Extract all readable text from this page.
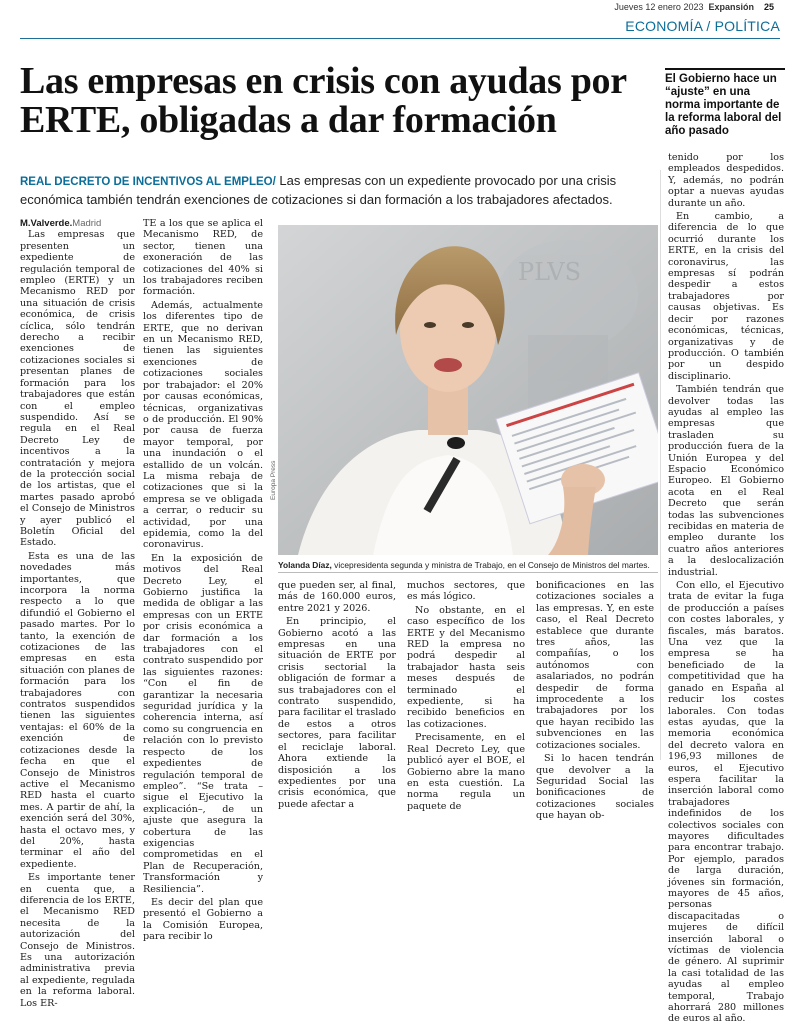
Jueves 12 enero 2023 Expansión 25
ECONOMÍA / POLÍTICA
Las empresas en crisis con ayudas por ERTE, obligadas a dar formación
El Gobierno hace un “ajuste” en una norma importante de la reforma laboral del año pasado
REAL DECRETO DE INCENTIVOS AL EMPLEO/ Las empresas con un expediente provocado por una crisis económica también tendrán exenciones de cotizaciones si dan formación a los trabajadores afectados.
M.Valverde.Madrid

Las empresas que presenten un expediente de regulación temporal de empleo (ERTE) y un Mecanismo RED por una situación de crisis económica, de crisis cíclica, sólo tendrán derecho a recibir exenciones de cotizaciones sociales si presentan planes de formación para los trabajadores que están con el empleo suspendido. Así se regula en el Real Decreto Ley de incentivos a la contratación y mejora de la protección social de los artistas, que el martes pasado aprobó el Consejo de Ministros y ayer publicó el Boletín Oficial del Estado.

Esta es una de las novedades más importantes, que incorpora la norma respecto a lo que difundió el Gobierno el pasado martes. Por lo tanto, la exención de cotizaciones de las empresas en esta situación con planes de formación para los trabajadores con contratos suspendidos tienen las siguientes ventajas: el 60% de la exención de cotizaciones desde la fecha en que el Consejo de Ministros active el Mecanismo RED hasta el cuarto mes. A partir de ahí, la exención será del 30%, hasta el octavo mes, y del 20%, hasta terminar el año del expediente.

Es importante tener en cuenta que, a diferencia de los ERTE, el Mecanismo RED necesita de la autorización del Consejo de Ministros. Es una autorización administrativa previa al expediente, regulada en la reforma laboral. Los ER-

TE a los que se aplica el Mecanismo RED, de sector, tienen una exoneración de las cotizaciones del 40% si los trabajadores reciben formación.

Además, actualmente los diferentes tipo de ERTE, que no derivan en un Mecanismo RED, tienen las siguientes exenciones de cotizaciones sociales por trabajador: el 20% por causas económicas, técnicas, organizativas o de producción. El 90% por causa de fuerza mayor temporal, por una inundación o el estallido de un volcán. La misma rebaja de cotizaciones que si la empresa se ve obligada a cerrar, o reducir su actividad, por una epidemia, como la del coronavirus.

En la exposición de motivos del Real Decreto Ley, el Gobierno justifica la medida de obligar a las empresas con un ERTE por crisis económica a dar formación a los trabajadores con el contrato suspendido por las siguientes razones: “Con el fin de garantizar la necesaria seguridad jurídica y la coherencia interna, así como su congruencia en relación con lo previsto respecto de los expedientes de regulación temporal de empleo”. “Se trata –sigue el Ejecutivo la explicación–, de un ajuste que asegura la cobertura de las exigencias comprometidas en el Plan de Recuperación, Transformación y Resiliencia”.

Es decir del plan que presentó el Gobierno a la Comisión Europea, para recibir lo

PLVS
Europa Press
Yolanda Díaz, vicepresidenta segunda y ministra de Trabajo, en el Consejo de Ministros del martes.

que pueden ser, al final, más de 160.000 euros, entre 2021 y 2026.

En principio, el Gobierno acotó a las empresas en una situación de ERTE por crisis sectorial la obligación de formar a sus trabajadores con el contrato suspendido, para facilitar el traslado de estos a otros sectores, para facilitar el reciclaje laboral. Ahora extiende la disposición a los expedientes por una crisis económica, que puede afectar a

muchos sectores, que es más lógico.

No obstante, en el caso específico de los ERTE y del Mecanismo RED la empresa no podrá despedir al trabajador hasta seis meses después de terminado el expediente, si ha recibido beneficios en las cotizaciones.

Precisamente, en el Real Decreto Ley, que publicó ayer el BOE, el Gobierno abre la mano en esta cuestión. La norma regula un paquete de

bonificaciones en las cotizaciones sociales a las empresas. Y, en este caso, el Real Decreto establece que durante tres años, las compañías, o los autónomos con asalariados, no podrán despedir de forma improcedente a los trabajadores por los que hayan recibido las subvenciones en las cotizaciones sociales.

Si lo hacen tendrán que devolver a la Seguridad Social las bonificaciones de cotizaciones sociales que hayan ob-

tenido por los empleados despedidos. Y, además, no podrán optar a nuevas ayudas durante un año.

En cambio, a diferencia de lo que ocurrió durante los ERTE, en la crisis del coronavirus, las empresas sí podrán despedir a estos trabajadores por causas objetivas. Es decir por razones económicas, técnicas, organizativas y de producción. O también por un despido disciplinario.

También tendrán que devolver todas las ayudas al empleo las empresas que trasladen su producción fuera de la Unión Europea y del Espacio Económico Europeo. El Gobierno acota en el Real Decreto que serán todas las subvenciones recibidas en materia de empleo durante los cuatro años anteriores a la deslocalización industrial.

Con ello, el Ejecutivo trata de evitar la fuga de producción a países con costes laborales, y fiscales, más baratos. Una vez que la empresa se ha beneficiado de la competitividad que ha ganado en España al reducir los costes laborales. Con todas estas ayudas, que la memoria económica del decreto valora en 196,93 millones de euros, el Ejecutivo espera facilitar la inserción laboral como trabajadores indefinidos de los colectivos sociales con mayores dificultades para encontrar trabajo. Por ejemplo, parados de larga duración, jóvenes sin formación, mayores de 45 años, personas discapacitadas o mujeres de difícil inserción laboral o víctimas de violencia de género. Al suprimir la casi totalidad de las ayudas al empleo temporal, Trabajo ahorrará 280 millones de euros al año.
